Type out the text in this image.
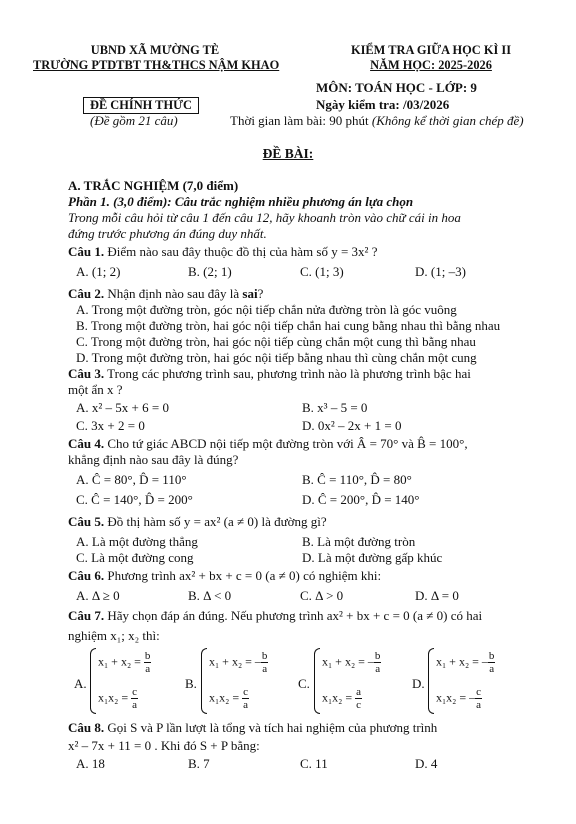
UBND XÃ MƯỜNG TÈ
TRƯỜNG PTDTBT TH&THCS NẬM KHAO
KIỂM TRA GIỮA HỌC KÌ II
NĂM HỌC: 2025-2026
MÔN: TOÁN HỌC - LỚP: 9
ĐỀ CHÍNH THỨC	Ngày kiểm tra: /03/2026
(Đề gồm 21 câu)	Thời gian làm bài: 90 phút (Không kể thời gian chép đề)
ĐỀ BÀI:
A. TRẮC NGHIỆM (7,0 điểm)
Phần 1. (3,0 điểm): Câu trắc nghiệm nhiều phương án lựa chọn
Trong mỗi câu hỏi từ câu 1 đến câu 12, hãy khoanh tròn vào chữ cái in hoa
đứng trước phương án đúng duy nhất.
Câu 1. Điểm nào sau đây thuộc đồ thị của hàm số y = 3x² ?
A. (1; 2)	B. (2; 1)	C. (1; 3)	D. (1; –3)
Câu 2. Nhận định nào sau đây là sai?
A. Trong một đường tròn, góc nội tiếp chắn nửa đường tròn là góc vuông
B. Trong một đường tròn, hai góc nội tiếp chắn hai cung bằng nhau thì bằng nhau
C. Trong một đường tròn, hai góc nội tiếp cùng chắn một cung thì bằng nhau
D. Trong một đường tròn, hai góc nội tiếp bằng nhau thì cùng chắn một cung
Câu 3. Trong các phương trình sau, phương trình nào là phương trình bậc hai
một ẩn x ?
A. x² – 5x + 6 = 0	B. x³ – 5 = 0
C. 3x + 2 = 0	D. 0x² – 2x + 1 = 0
Câu 4. Cho tứ giác ABCD nội tiếp một đường tròn với Â = 70° và B̂ = 100°,
khẳng định nào sau đây là đúng?
A. Ĉ = 80°, D̂ = 110°	B. Ĉ = 110°, D̂ = 80°
C. Ĉ = 140°, D̂ = 200°	D. Ĉ = 200°, D̂ = 140°
Câu 5. Đồ thị hàm số y = ax² (a ≠ 0) là đường gì?
A. Là một đường thẳng	B. Là một đường tròn
C. Là một đường cong	D. Là một đường gấp khúc
Câu 6. Phương trình ax² + bx + c = 0 (a ≠ 0) có nghiệm khi:
A. Δ ≥ 0	B. Δ < 0	C. Δ > 0	D. Δ = 0
Câu 7. Hãy chọn đáp án đúng. Nếu phương trình ax² + bx + c = 0 (a ≠ 0) có hai
nghiệm x₁; x₂ thì:
A.
$x_1 + x_2 = \frac{b}{a}$
$x_1x_2 = \frac{c}{a}$
B.
x₁ + x₂ = – $\frac{b}{a}$
$x_1x_2 = \frac{c}{a}$
C.
x₁ + x₂ = – $\frac{b}{a}$
$x_1x_2 = \frac{a}{c}$
D.
x₁ + x₂ = – $\frac{b}{a}$
x₁x₂ = – $\frac{c}{a}$
Câu 8. Gọi S và P lần lượt là tổng và tích hai nghiệm của phương trình
x² – 7x + 11 = 0 . Khi đó S + P bằng:
A. 18	B. 7	C. 11	D. 4
